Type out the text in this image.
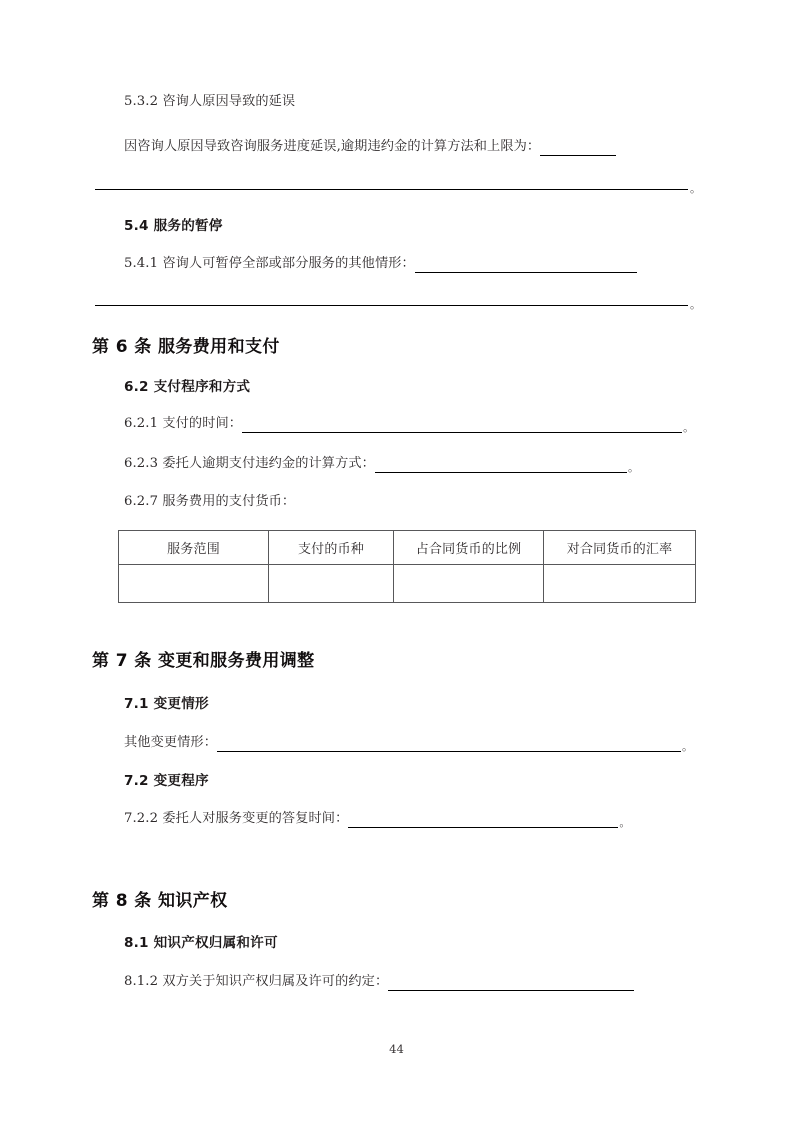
5.3.2 咨询人原因导致的延误
因咨询人原因导致咨询服务进度延误,逾期违约金的计算方法和上限为：
。
5.4 服务的暂停
5.4.1 咨询人可暂停全部或部分服务的其他情形：
。
第 6 条 服务费用和支付
6.2 支付程序和方式
6.2.1 支付的时间：	。
6.2.3 委托人逾期支付违约金的计算方式：	。
6.2.7 服务费用的支付货币：
服务范围	支付的币种	占合同货币的比例	对合同货币的汇率

第 7 条 变更和服务费用调整
7.1 变更情形
其他变更情形：	。
7.2 变更程序
7.2.2 委托人对服务变更的答复时间：	。
第 8 条 知识产权
8.1 知识产权归属和许可
8.1.2 双方关于知识产权归属及许可的约定：
44
